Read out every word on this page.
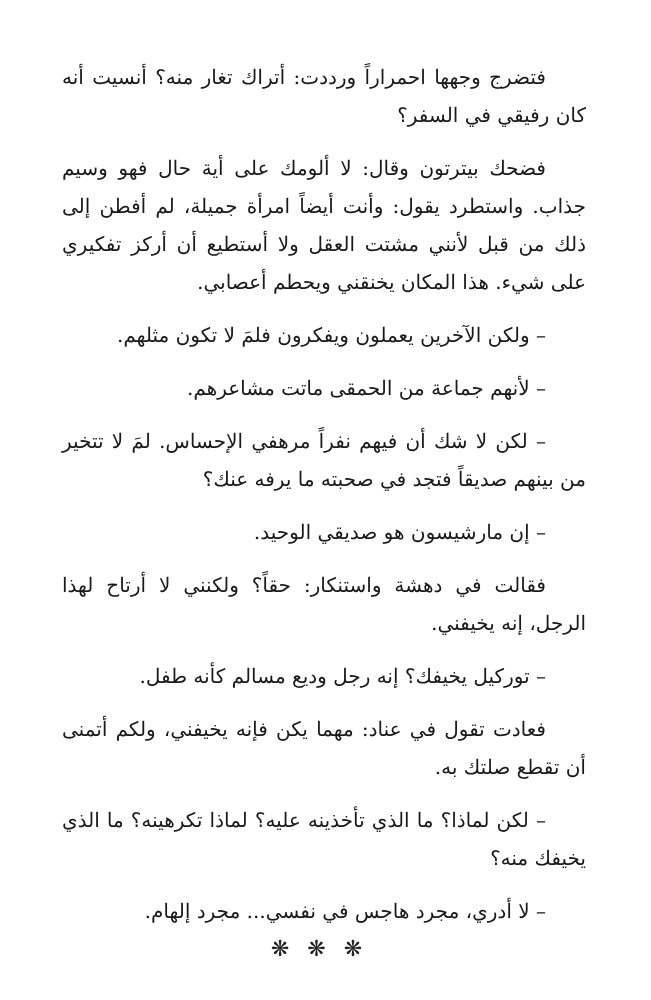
فتضرج وجهها احمراراً ورددت: أتراك تغار منه؟ أنسيت أنه كان رفيقي في السفر؟

فضحك بيترتون وقال: لا ألومك على أية حال فهو وسيم جذاب. واستطرد يقول: وأنت أيضاً امرأة جميلة، لم أفطن إلى ذلك من قبل لأنني مشتت العقل ولا أستطيع أن أركز تفكيري على شيء. هذا المكان يخنقني ويحطم أعصابي.

– ولكن الآخرين يعملون ويفكرون فلمَ لا تكون مثلهم.

– لأنهم جماعة من الحمقى ماتت مشاعرهم.

– لكن لا شك أن فيهم نفراً مرهفي الإحساس. لمَ لا تتخير من بينهم صديقاً فتجد في صحبته ما يرفه عنك؟

– إن مارشيسون هو صديقي الوحيد.

فقالت في دهشة واستنكار: حقاً؟ ولكنني لا أرتاح لهذا الرجل، إنه يخيفني.

– توركيل يخيفك؟ إنه رجل وديع مسالم كأنه طفل.

فعادت تقول في عناد: مهما يكن فإنه يخيفني، ولكم أتمنى أن تقطع صلتك به.

– لكن لماذا؟ ما الذي تأخذينه عليه؟ لماذا تكرهينه؟ ما الذي يخيفك منه؟

– لا أدري، مجرد هاجس في نفسي... مجرد إلهام.

❋❋❋
